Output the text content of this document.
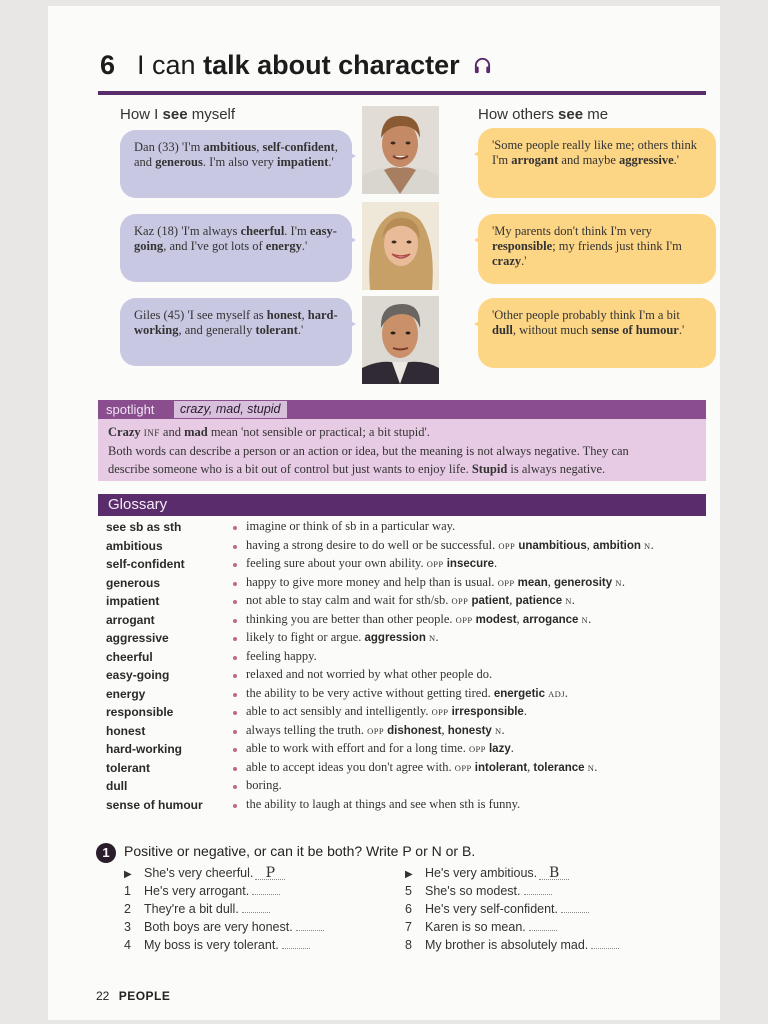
6 I can talk about character
How I see myself	How others see me
Dan (33) 'I'm ambitious, self-confident, and generous. I'm also very impatient.'
Kaz (18) 'I'm always cheerful. I'm easy-going, and I've got lots of energy.'
Giles (45) 'I see myself as honest, hard-working, and generally tolerant.'
'Some people really like me; others think I'm arrogant and maybe aggressive.'
'My parents don't think I'm very responsible; my friends just think I'm crazy.'
'Other people probably think I'm a bit dull, without much sense of humour.'
spotlight	crazy, mad, stupid
Crazy INF and mad mean 'not sensible or practical; a bit stupid'.
Both words can describe a person or an action or idea, but the meaning is not always negative. They can
describe someone who is a bit out of control but just wants to enjoy life. Stupid is always negative.
Glossary
see sb as sth	imagine or think of sb in a particular way.
ambitious	having a strong desire to do well or be successful. OPP unambitious, ambition N.
self-confident	feeling sure about your own ability. OPP insecure.
generous	happy to give more money and help than is usual. OPP mean, generosity N.
impatient	not able to stay calm and wait for sth/sb. OPP patient, patience N.
arrogant	thinking you are better than other people. OPP modest, arrogance N.
aggressive	likely to fight or argue. aggression N.
cheerful	feeling happy.
easy-going	relaxed and not worried by what other people do.
energy	the ability to be very active without getting tired. energetic ADJ.
responsible	able to act sensibly and intelligently. OPP irresponsible.
honest	always telling the truth. OPP dishonest, honesty N.
hard-working	able to work with effort and for a long time. OPP lazy.
tolerant	able to accept ideas you don't agree with. OPP intolerant, tolerance N.
dull	boring.
sense of humour	the ability to laugh at things and see when sth is funny.
1	Positive or negative, or can it be both? Write P or N or B.
▶ She's very cheerful. P
1 He's very arrogant.
2 They're a bit dull.
3 Both boys are very honest.
4 My boss is very tolerant.
▶ He's very ambitious. B
5 She's so modest.
6 He's very self-confident.
7 Karen is so mean.
8 My brother is absolutely mad.
22 PEOPLE
